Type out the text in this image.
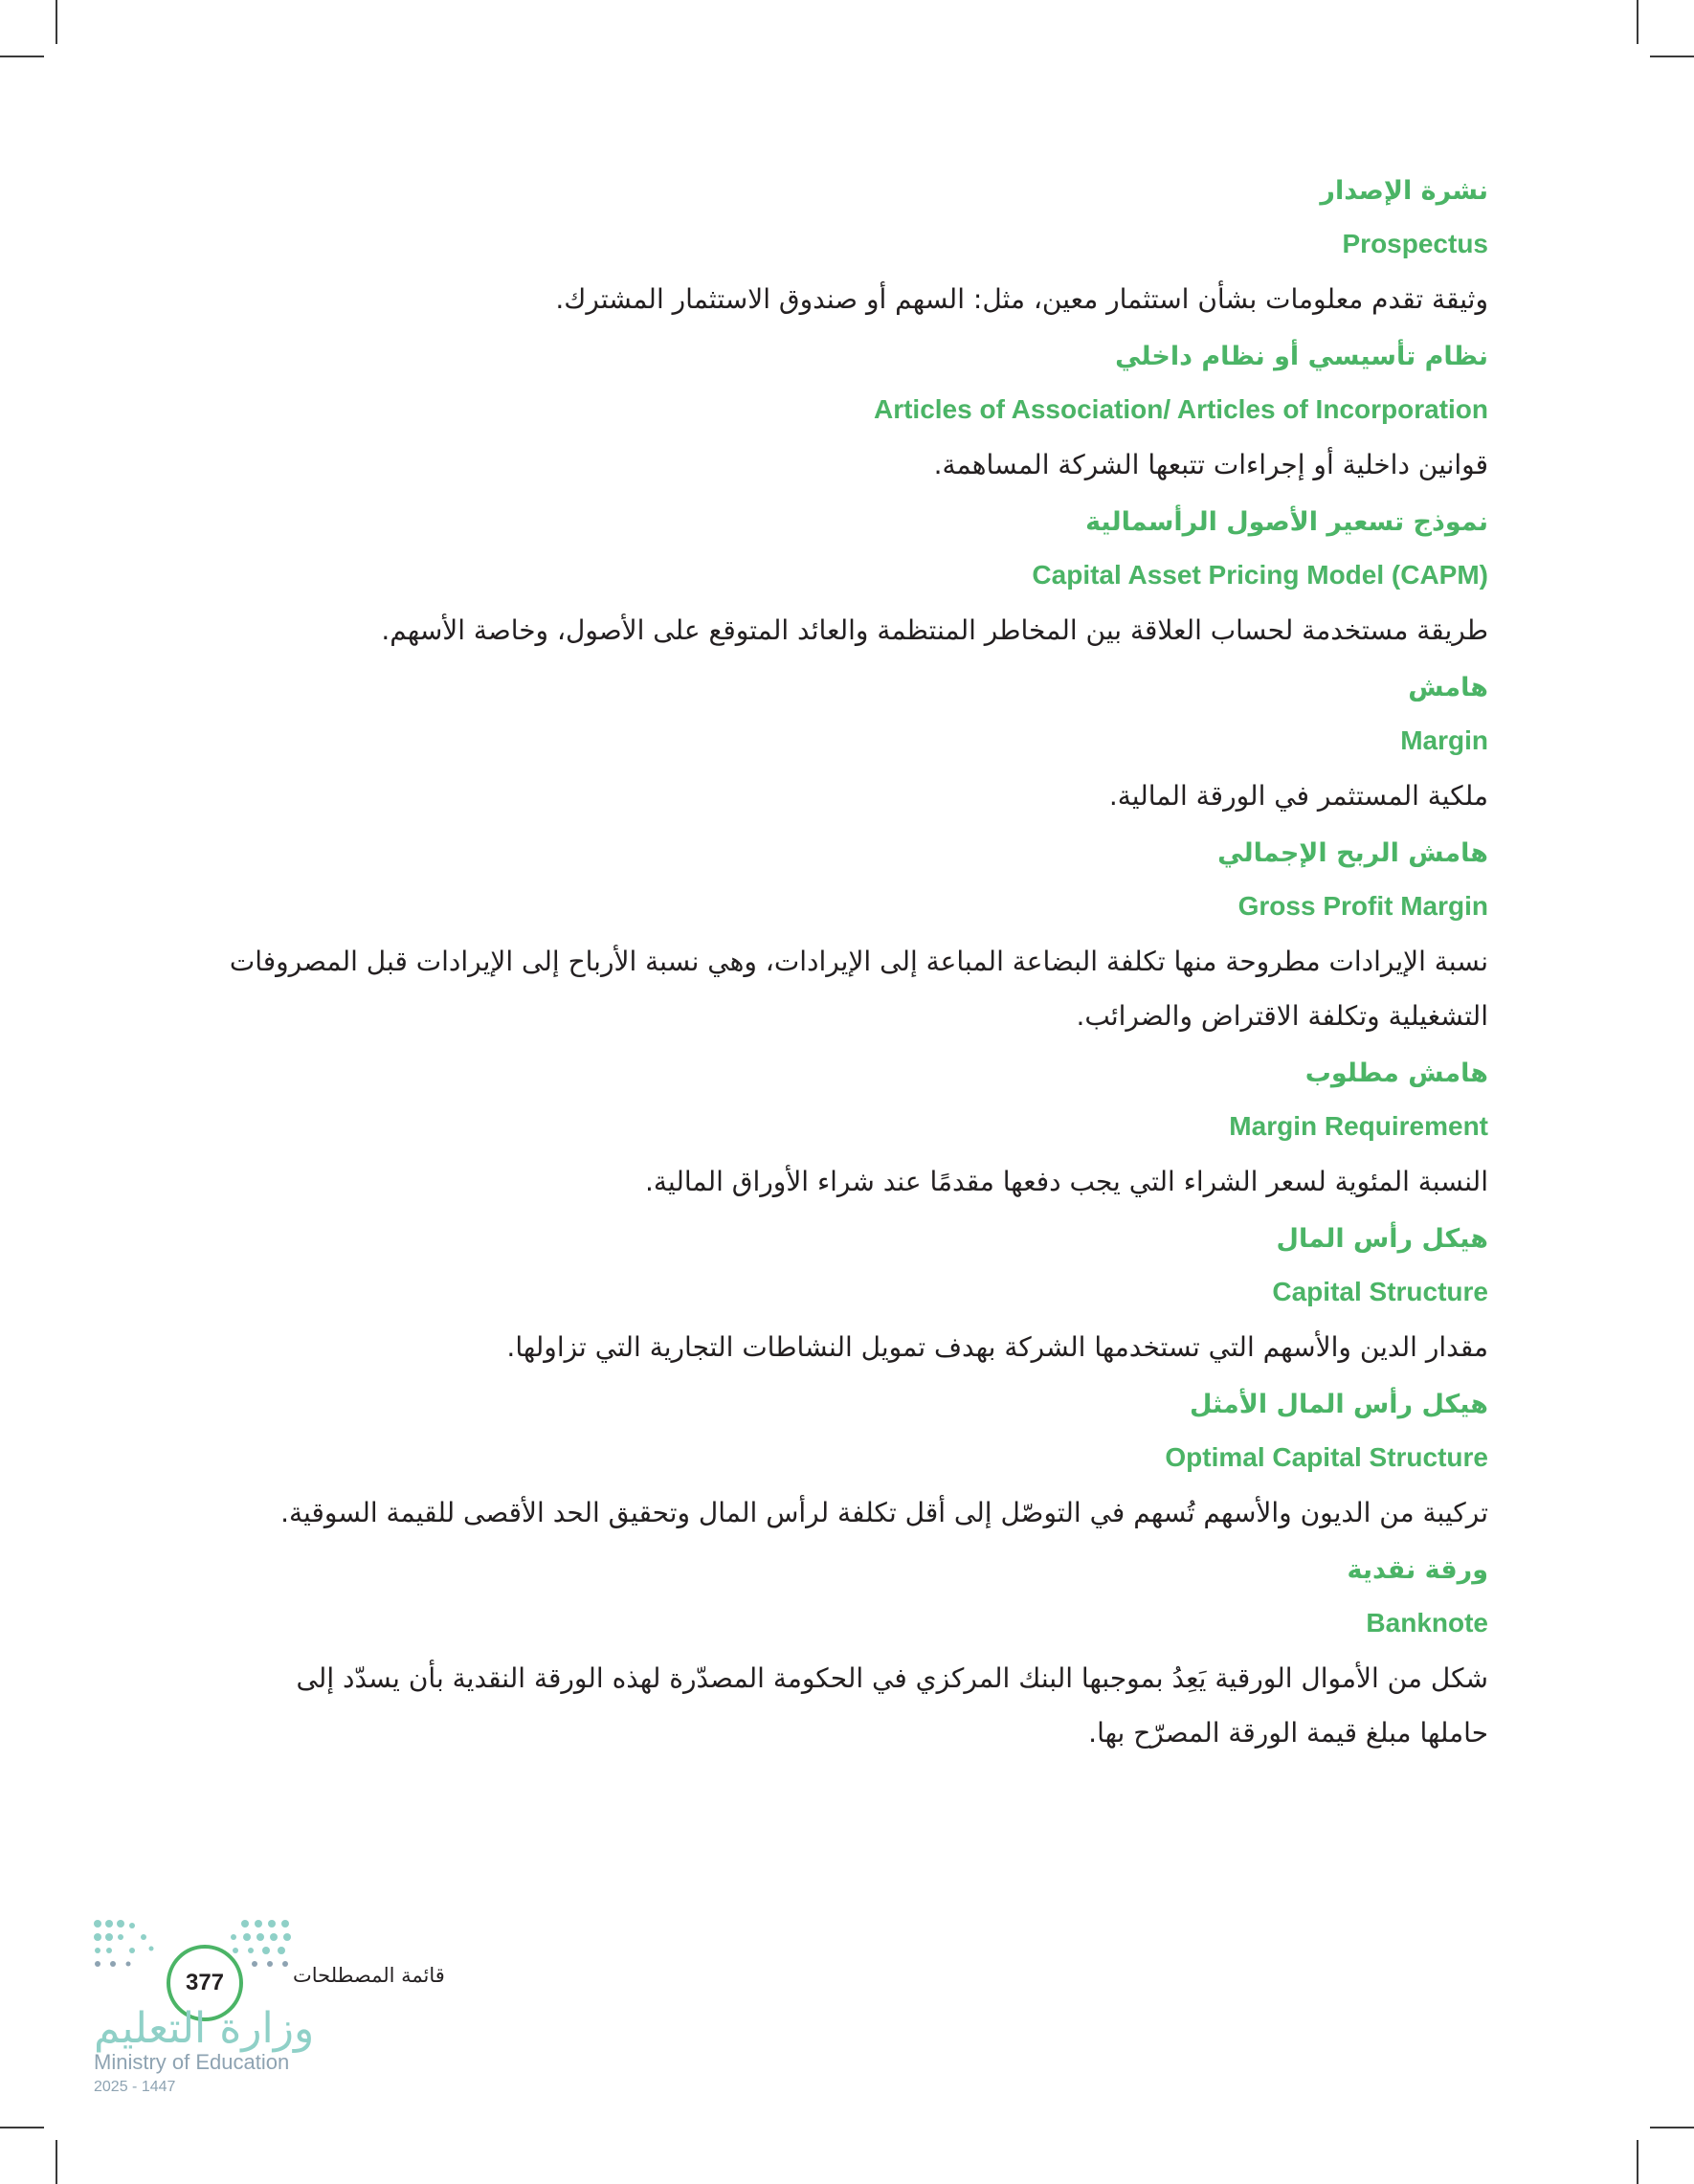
نشرة الإصدار
Prospectus
وثيقة تقدم معلومات بشأن استثمار معين، مثل: السهم أو صندوق الاستثمار المشترك.
نظام تأسيسي أو نظام داخلي
Articles of Association/ Articles of Incorporation
قوانين داخلية أو إجراءات تتبعها الشركة المساهمة.
نموذج تسعير الأصول الرأسمالية
Capital Asset Pricing Model (CAPM)
طريقة مستخدمة لحساب العلاقة بين المخاطر المنتظمة والعائد المتوقع على الأصول، وخاصة الأسهم.
هامش
Margin
ملكية المستثمر في الورقة المالية.
هامش الربح الإجمالي
Gross Profit Margin
نسبة الإيرادات مطروحة منها تكلفة البضاعة المباعة إلى الإيرادات، وهي نسبة الأرباح إلى الإيرادات قبل المصروفات
التشغيلية وتكلفة الاقتراض والضرائب.
هامش مطلوب
Margin Requirement
النسبة المئوية لسعر الشراء التي يجب دفعها مقدمًا عند شراء الأوراق المالية.
هيكل رأس المال
Capital Structure
مقدار الدين والأسهم التي تستخدمها الشركة بهدف تمويل النشاطات التجارية التي تزاولها.
هيكل رأس المال الأمثل
Optimal Capital Structure
تركيبة من الديون والأسهم تُسهم في التوصّل إلى أقل تكلفة لرأس المال وتحقيق الحد الأقصى للقيمة السوقية.
ورقة نقدية
Banknote
شكل من الأموال الورقية يَعِدُ بموجبها البنك المركزي في الحكومة المصدّرة لهذه الورقة النقدية بأن يسدّد إلى
حاملها مبلغ قيمة الورقة المصرّح بها.
377	قائمة المصطلحات
وزارة التعليم
Ministry of Education
2025 - 1447
